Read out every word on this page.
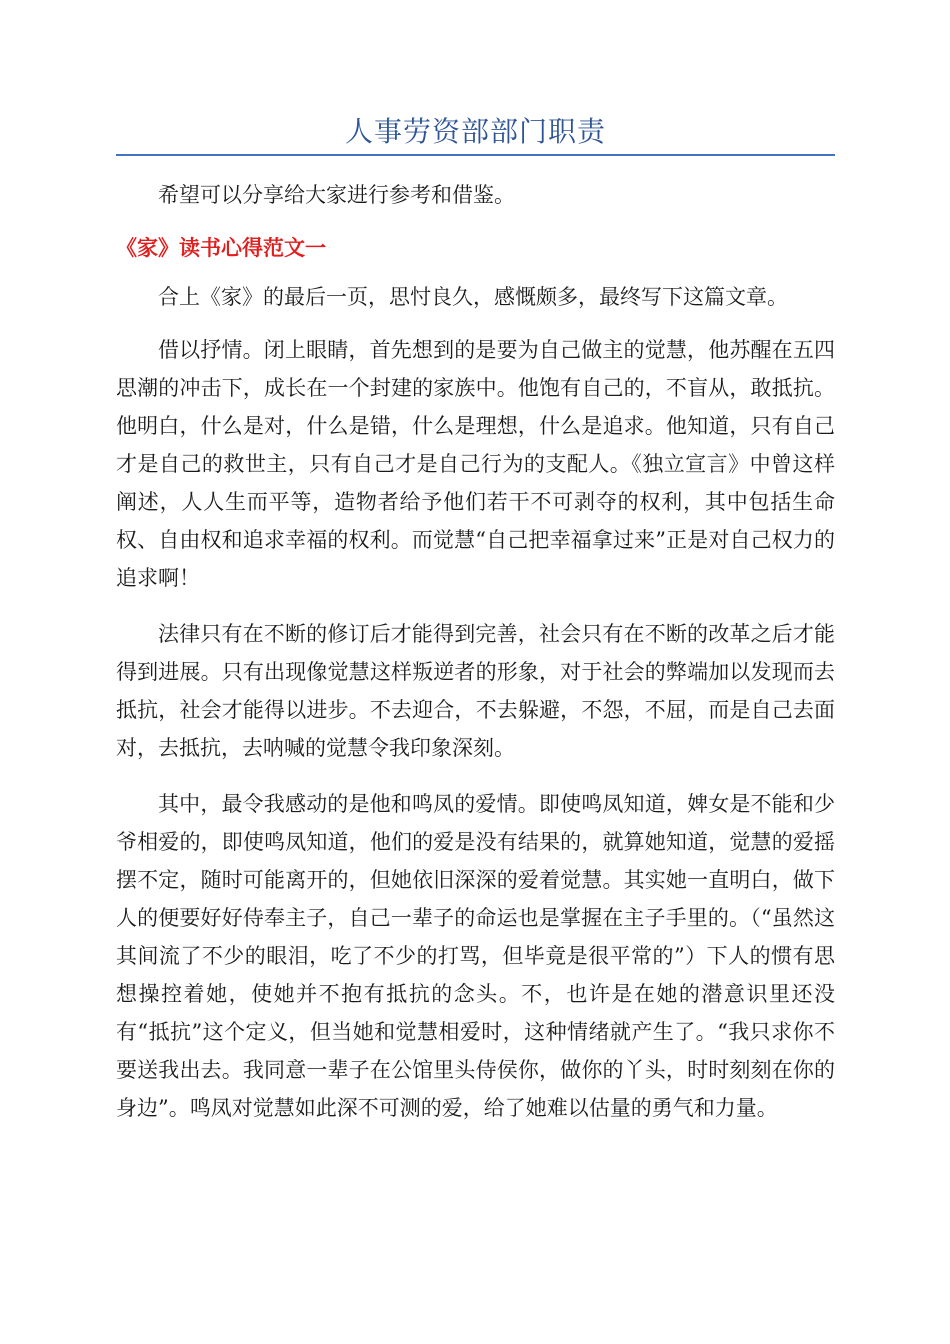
人事劳资部部门职责

希望可以分享给大家进行参考和借鉴。

《家》读书心得范文一

合上《家》的最后一页，思忖良久，感慨颇多，最终写下这篇文章。

借以抒情。闭上眼睛，首先想到的是要为自己做主的觉慧，他苏醒在五四思潮的冲击下，成长在一个封建的家族中。他饱有自己的，不盲从，敢抵抗。他明白，什么是对，什么是错，什么是理想，什么是追求。他知道，只有自己才是自己的救世主，只有自己才是自己行为的支配人。《独立宣言》中曾这样阐述，人人生而平等，造物者给予他们若干不可剥夺的权利，其中包括生命权、自由权和追求幸福的权利。而觉慧“自己把幸福拿过来”正是对自己权力的追求啊！

法律只有在不断的修订后才能得到完善，社会只有在不断的改革之后才能得到进展。只有出现像觉慧这样叛逆者的形象，对于社会的弊端加以发现而去抵抗，社会才能得以进步。不去迎合，不去躲避，不怨，不屈，而是自己去面对，去抵抗，去呐喊的觉慧令我印象深刻。

其中，最令我感动的是他和鸣凤的爱情。即使鸣凤知道，婢女是不能和少爷相爱的，即使鸣凤知道，他们的爱是没有结果的，就算她知道，觉慧的爱摇摆不定，随时可能离开的，但她依旧深深的爱着觉慧。其实她一直明白，做下人的便要好好侍奉主子，自己一辈子的命运也是掌握在主子手里的。（“虽然这其间流了不少的眼泪，吃了不少的打骂，但毕竟是很平常的”）下人的惯有思想操控着她，使她并不抱有抵抗的念头。不，也许是在她的潜意识里还没有“抵抗”这个定义，但当她和觉慧相爱时，这种情绪就产生了。“我只求你不要送我出去。我同意一辈子在公馆里头侍侯你，做你的丫头，时时刻刻在你的身边”。鸣凤对觉慧如此深不可测的爱，给了她难以估量的勇气和力量。
